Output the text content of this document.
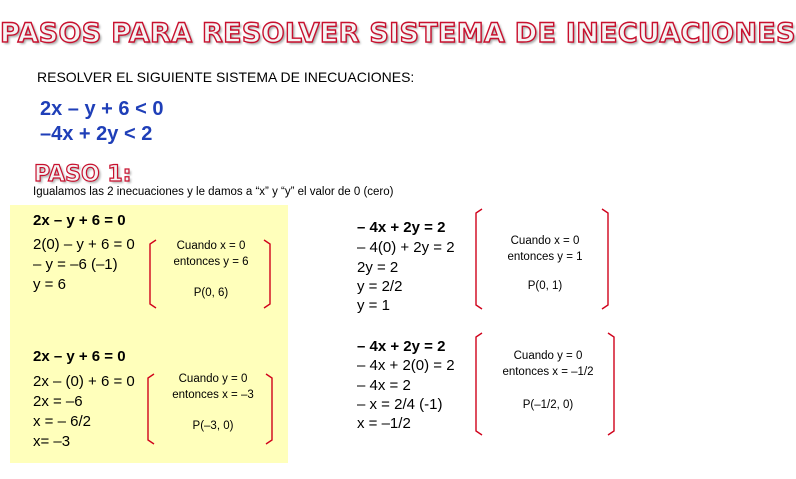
PASOS PARA RESOLVER SISTEMA DE INECUACIONES
RESOLVER EL SIGUIENTE SISTEMA DE INECUACIONES:
2x – y + 6 < 0
–4x + 2y < 2
PASO 1:
Igualamos las 2 inecuaciones y le damos a “x” y “y” el valor de 0 (cero)
2x – y + 6 = 0
2(0) – y + 6 = 0
– y = –6 (–1)
y = 6
Cuando x = 0
entonces y = 6
P(0, 6)
2x – y + 6 = 0
2x – (0) + 6 = 0
2x = –6
x = – 6/2
x= –3
Cuando y = 0
entonces x = –3
P(–3, 0)
– 4x + 2y = 2
– 4(0) + 2y = 2
2y = 2
y = 2/2
y = 1
Cuando x = 0
entonces y = 1
P(0, 1)
– 4x + 2y = 2
– 4x + 2(0) = 2
– 4x = 2
– x = 2/4 (-1)
x = –1/2
Cuando y = 0
entonces x = –1/2
P(–1/2, 0)
